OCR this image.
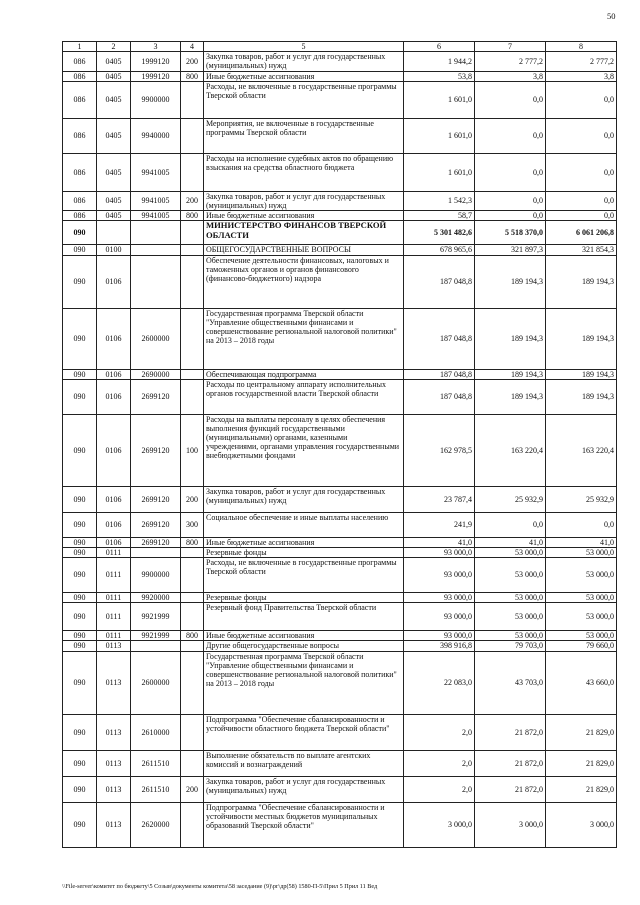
50
1	2	3	4	5	6	7	8
086	0405	1999120	200	Закупка товаров, работ и услуг для государственных (муниципальных) нужд	1 944,2	2 777,2	2 777,2
086	0405	1999120	800	Иные бюджетные ассигнования	53,8	3,8	3,8
086	0405	9900000		Расходы, не включенные в государственные программы Тверской области	1 601,0	0,0	0,0
086	0405	9940000		Мероприятия, не включенные в государственные программы Тверской области	1 601,0	0,0	0,0
086	0405	9941005		Расходы на исполнение судебных актов по обращению взыскания на средства областного бюджета	1 601,0	0,0	0,0
086	0405	9941005	200	Закупка товаров, работ и услуг для государственных (муниципальных) нужд	1 542,3	0,0	0,0
086	0405	9941005	800	Иные бюджетные ассигнования	58,7	0,0	0,0
090				МИНИСТЕРСТВО ФИНАНСОВ ТВЕРСКОЙ ОБЛАСТИ	5 301 482,6	5 518 370,0	6 061 206,8
090	0100			ОБЩЕГОСУДАРСТВЕННЫЕ ВОПРОСЫ	678 965,6	321 897,3	321 854,3
090	0106			Обеспечение деятельности финансовых, налоговых и таможенных органов и органов финансового (финансово-бюджетного) надзора	187 048,8	189 194,3	189 194,3
090	0106	2600000		Государственная программа Тверской области "Управление общественными финансами и совершенствование региональной налоговой политики" на 2013 – 2018 годы	187 048,8	189 194,3	189 194,3
090	0106	2690000		Обеспечивающая подпрограмма	187 048,8	189 194,3	189 194,3
090	0106	2699120		Расходы по центральному аппарату исполнительных органов государственной власти Тверской области	187 048,8	189 194,3	189 194,3
090	0106	2699120	100	Расходы на выплаты персоналу в целях обеспечения выполнения функций государственными (муниципальными) органами, казенными учреждениями, органами управления государственными внебюджетными фондами	162 978,5	163 220,4	163 220,4
090	0106	2699120	200	Закупка товаров, работ и услуг для государственных (муниципальных) нужд	23 787,4	25 932,9	25 932,9
090	0106	2699120	300	Социальное обеспечение и иные выплаты населению	241,9	0,0	0,0
090	0106	2699120	800	Иные бюджетные ассигнования	41,0	41,0	41,0
090	0111			Резервные фонды	93 000,0	53 000,0	53 000,0
090	0111	9900000		Расходы, не включенные в государственные программы Тверской области	93 000,0	53 000,0	53 000,0
090	0111	9920000		Резервные фонды	93 000,0	53 000,0	53 000,0
090	0111	9921999		Резервный фонд Правительства Тверской области	93 000,0	53 000,0	53 000,0
090	0111	9921999	800	Иные бюджетные ассигнования	93 000,0	53 000,0	53 000,0
090	0113			Другие общегосударственные вопросы	398 916,8	79 703,0	79 660,0
090	0113	2600000		Государственная программа Тверской области "Управление общественными финансами и совершенствование региональной налоговой политики" на 2013 – 2018 годы	22 083,0	43 703,0	43 660,0
090	0113	2610000		Подпрограмма "Обеспечение сбалансированности и устойчивости областного бюджета Тверской области"	2,0	21 872,0	21 829,0
090	0113	2611510		Выполнение обязательств по выплате агентских комиссий и вознаграждений	2,0	21 872,0	21 829,0
090	0113	2611510	200	Закупка товаров, работ и услуг для государственных (муниципальных) нужд	2,0	21 872,0	21 829,0
090	0113	2620000		Подпрограмма "Обеспечение сбалансированности и устойчивости местных бюджетов муниципальных образований Тверской области"	3 000,0	3 000,0	3 000,0
\\File-server\комитет по бюджету\5 Созыв\документы комитета\58 заседание (9)\рг\др(58) 1580-П-5\Прил 5 Прил 11 Вед
